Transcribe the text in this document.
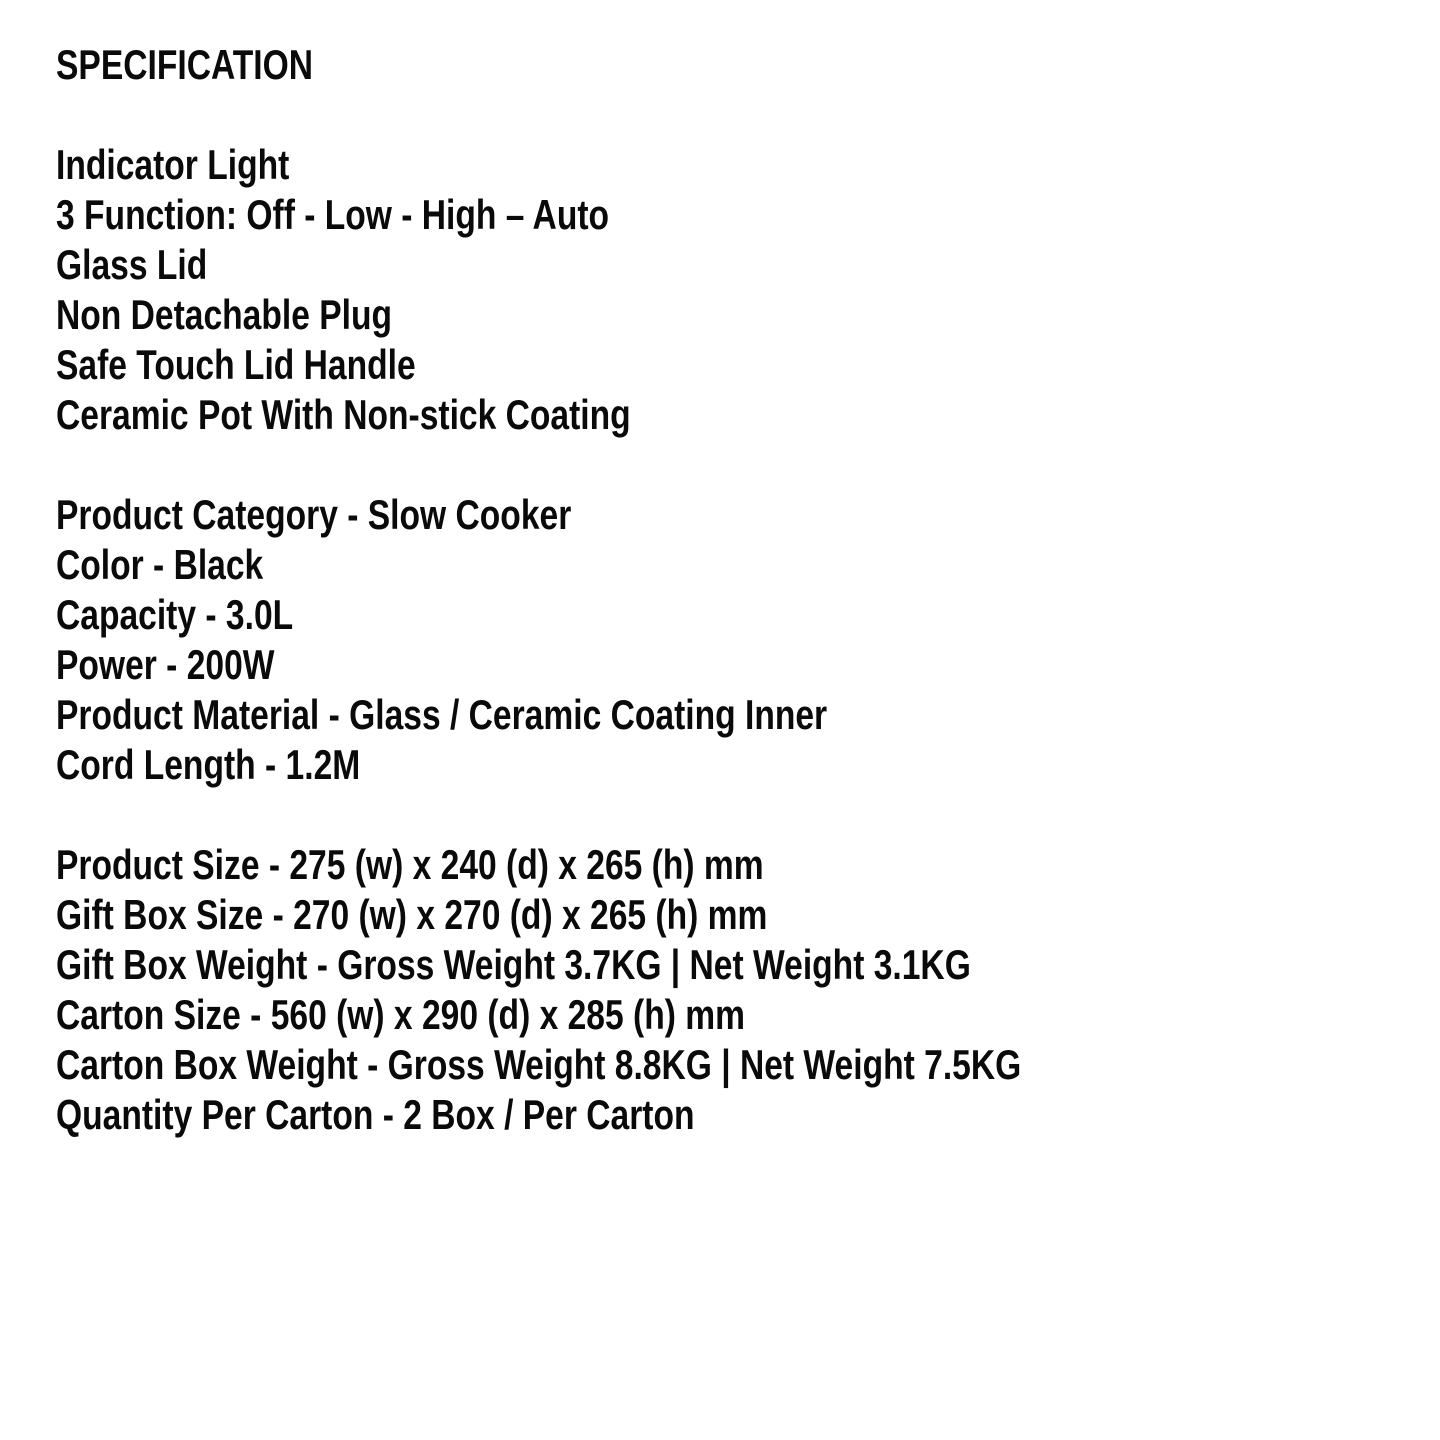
SPECIFICATION
Indicator Light
3 Function: Off - Low - High – Auto
Glass Lid
Non Detachable Plug
Safe Touch Lid Handle
Ceramic Pot With Non-stick Coating
Product Category - Slow Cooker
Color - Black
Capacity - 3.0L
Power - 200W
Product Material - Glass / Ceramic Coating Inner
Cord Length - 1.2M
Product Size - 275 (w) x 240 (d) x 265 (h) mm
Gift Box Size - 270 (w) x 270 (d) x 265 (h) mm
Gift Box Weight - Gross Weight 3.7KG | Net Weight 3.1KG
Carton Size - 560 (w) x 290 (d) x 285 (h) mm
Carton Box Weight - Gross Weight 8.8KG | Net Weight 7.5KG
Quantity Per Carton - 2 Box / Per Carton
